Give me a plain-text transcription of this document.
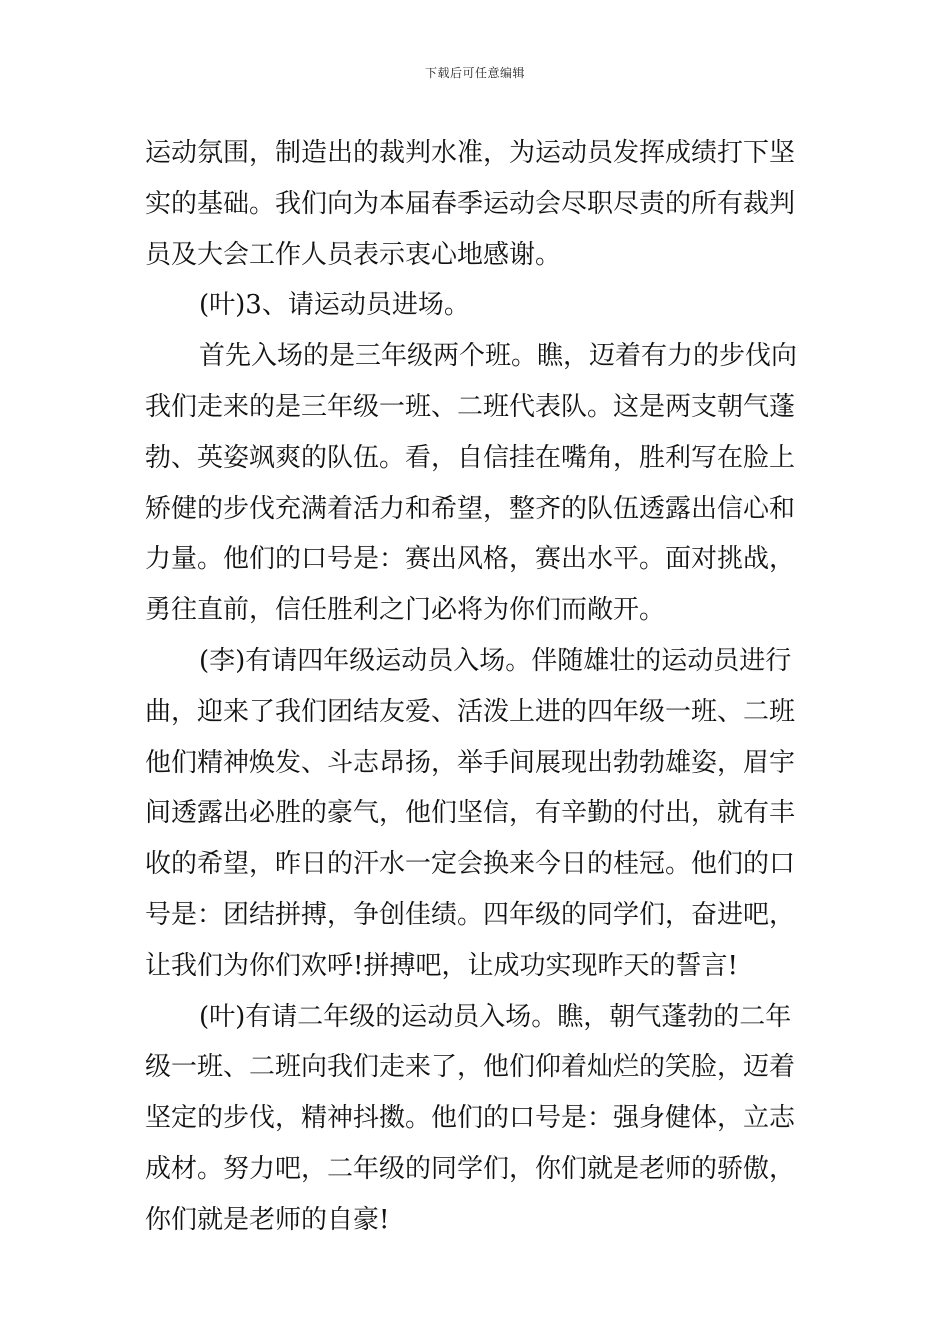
下载后可任意编辑
运动氛围，制造出的裁判水准，为运动员发挥成绩打下坚
实的基础。我们向为本届春季运动会尽职尽责的所有裁判
员及大会工作人员表示衷心地感谢。
(叶)3、请运动员进场。
首先入场的是三年级两个班。瞧，迈着有力的步伐向
我们走来的是三年级一班、二班代表队。这是两支朝气蓬
勃、英姿飒爽的队伍。看，自信挂在嘴角，胜利写在脸上
矫健的步伐充满着活力和希望，整齐的队伍透露出信心和
力量。他们的口号是：赛出风格，赛出水平。面对挑战，
勇往直前，信任胜利之门必将为你们而敞开。
(李)有请四年级运动员入场。伴随雄壮的运动员进行
曲，迎来了我们团结友爱、活泼上进的四年级一班、二班
他们精神焕发、斗志昂扬，举手间展现出勃勃雄姿，眉宇
间透露出必胜的豪气，他们坚信，有辛勤的付出，就有丰
收的希望，昨日的汗水一定会换来今日的桂冠。他们的口
号是：团结拼搏，争创佳绩。四年级的同学们，奋进吧，
让我们为你们欢呼!拼搏吧，让成功实现昨天的誓言!
(叶)有请二年级的运动员入场。瞧，朝气蓬勃的二年
级一班、二班向我们走来了，他们仰着灿烂的笑脸，迈着
坚定的步伐，精神抖擞。他们的口号是：强身健体，立志
成材。努力吧，二年级的同学们，你们就是老师的骄傲，
你们就是老师的自豪!
